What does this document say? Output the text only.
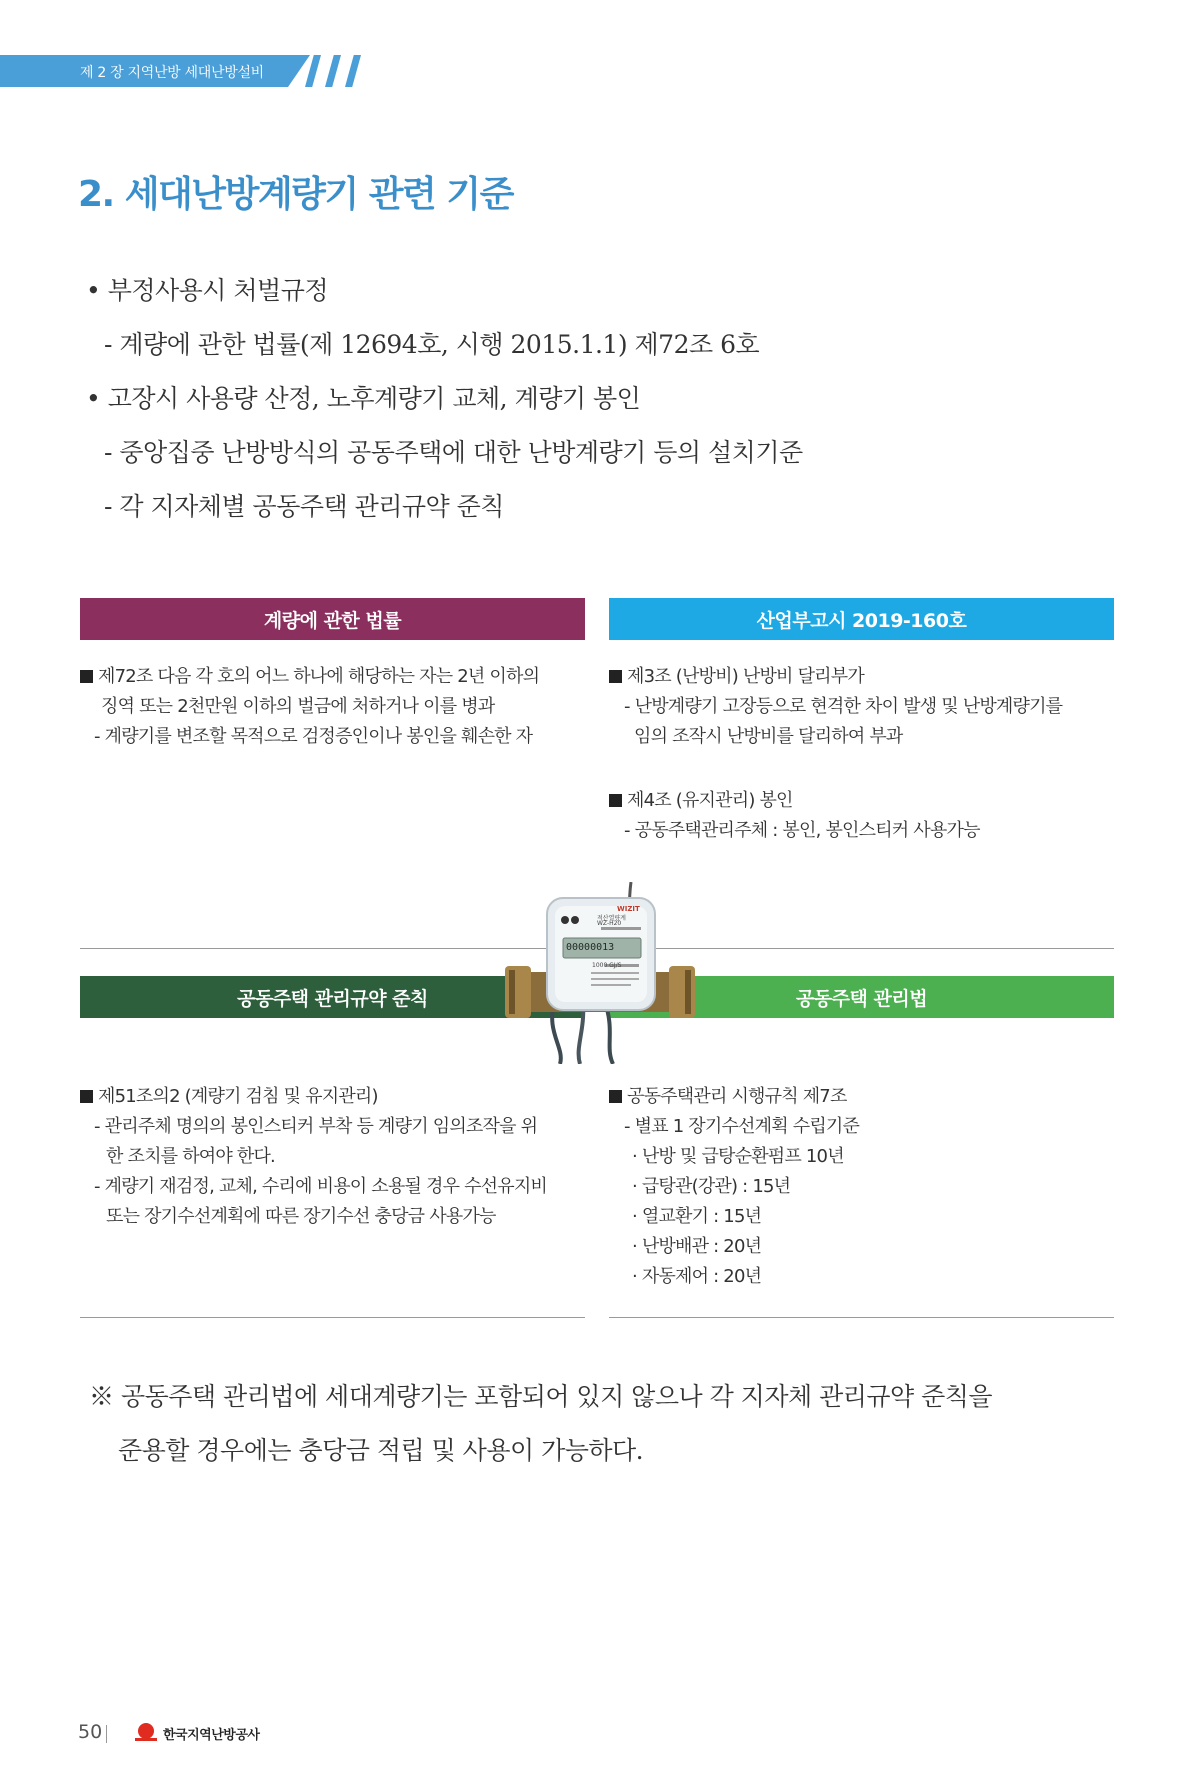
제 2 장 지역난방 세대난방설비
2. 세대난방계량기 관련 기준
• 부정사용시 처벌규정
- 계량에 관한 법률(제 12694호, 시행 2015.1.1) 제72조 6호
• 고장시 사용량 산정, 노후계량기 교체, 계량기 봉인
- 중앙집중 난방방식의 공동주택에 대한 난방계량기 등의 설치기준
- 각 지자체별 공동주택 관리규약 준칙
계량에 관한 법률
제72조 다음 각 호의 어느 하나에 해당하는 자는 2년 이하의
징역 또는 2천만원 이하의 벌금에 처하거나 이를 병과
- 계량기를 변조할 목적으로 검정증인이나 봉인을 훼손한 자
산업부고시 2019-160호
제3조 (난방비) 난방비 달리부가
- 난방계량기 고장등으로 현격한 차이 발생 및 난방계량기를
임의 조작시 난방비를 달리하여 부과
제4조 (유지관리) 봉인
- 공동주택관리주체 : 봉인, 봉인스티커 사용가능
공동주택 관리규약 준칙	공동주택 관리법
WIZIT
적산열량계
WZ-H20
00000013
1000 GJ/S
제51조의2 (계량기 검침 및 유지관리)
- 관리주체 명의의 봉인스티커 부착 등 계량기 임의조작을 위
한 조치를 하여야 한다.
- 계량기 재검정, 교체, 수리에 비용이 소용될 경우 수선유지비
또는 장기수선계획에 따른 장기수선 충당금 사용가능
공동주택관리 시행규칙 제7조
- 별표 1 장기수선계획 수립기준
· 난방 및 급탕순환펌프 10년
· 급탕관(강관) : 15년
· 열교환기 : 15년
· 난방배관 : 20년
· 자동제어 : 20년
※ 공동주택 관리법에 세대계량기는 포함되어 있지 않으나 각 지자체 관리규약 준칙을
준용할 경우에는 충당금 적립 및 사용이 가능하다.
50	한국지역난방공사
